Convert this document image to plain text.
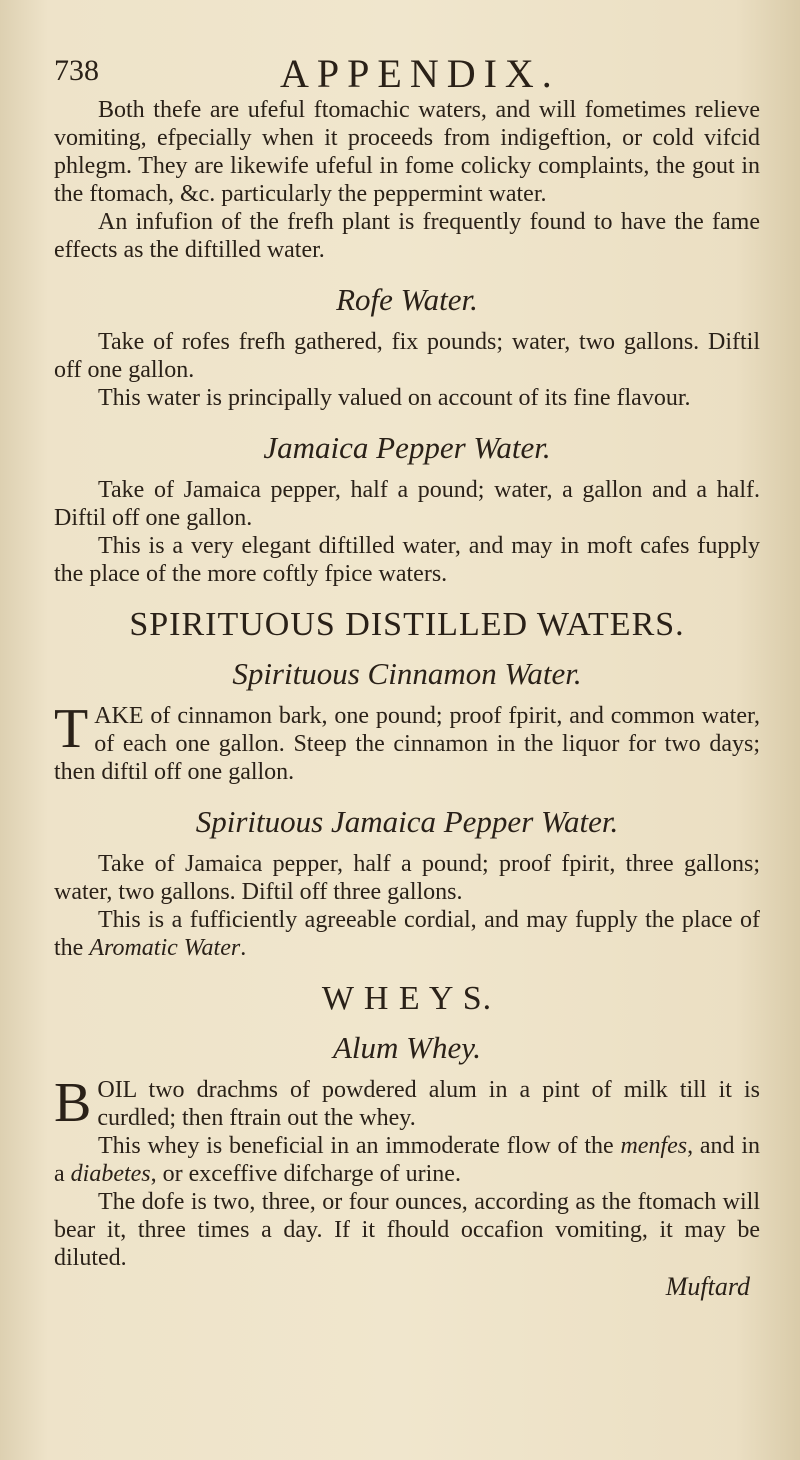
738	APPENDIX.

Both thefe are ufeful ftomachic waters, and will fometimes relieve vomiting, efpecially when it proceeds from indigeftion, or cold vifcid phlegm. They are likewife ufeful in fome colicky complaints, the gout in the ftomach, &c. particularly the peppermint water.

An infufion of the frefh plant is frequently found to have the fame effects as the diftilled water.

Rofe Water.

Take of rofes frefh gathered, fix pounds; water, two gallons. Diftil off one gallon.

This water is principally valued on account of its fine flavour.

Jamaica Pepper Water.

Take of Jamaica pepper, half a pound; water, a gallon and a half. Diftil off one gallon.

This is a very elegant diftilled water, and may in moft cafes fupply the place of the more coftly fpice waters.

SPIRITUOUS DISTILLED WATERS.
Spirituous Cinnamon Water.

TAKE of cinnamon bark, one pound; proof fpirit, and common water, of each one gallon. Steep the cinnamon in the liquor for two days; then diftil off one gallon.

Spirituous Jamaica Pepper Water.

Take of Jamaica pepper, half a pound; proof fpirit, three gallons; water, two gallons. Diftil off three gallons.

This is a fufficiently agreeable cordial, and may fupply the place of the Aromatic Water.

W H E Y S.
Alum Whey.

BOIL two drachms of powdered alum in a pint of milk till it is curdled; then ftrain out the whey.

This whey is beneficial in an immoderate flow of the menfes, and in a diabetes, or exceffive difcharge of urine.

The dofe is two, three, or four ounces, according as the ftomach will bear it, three times a day. If it fhould occafion vomiting, it may be diluted.

Muftard
